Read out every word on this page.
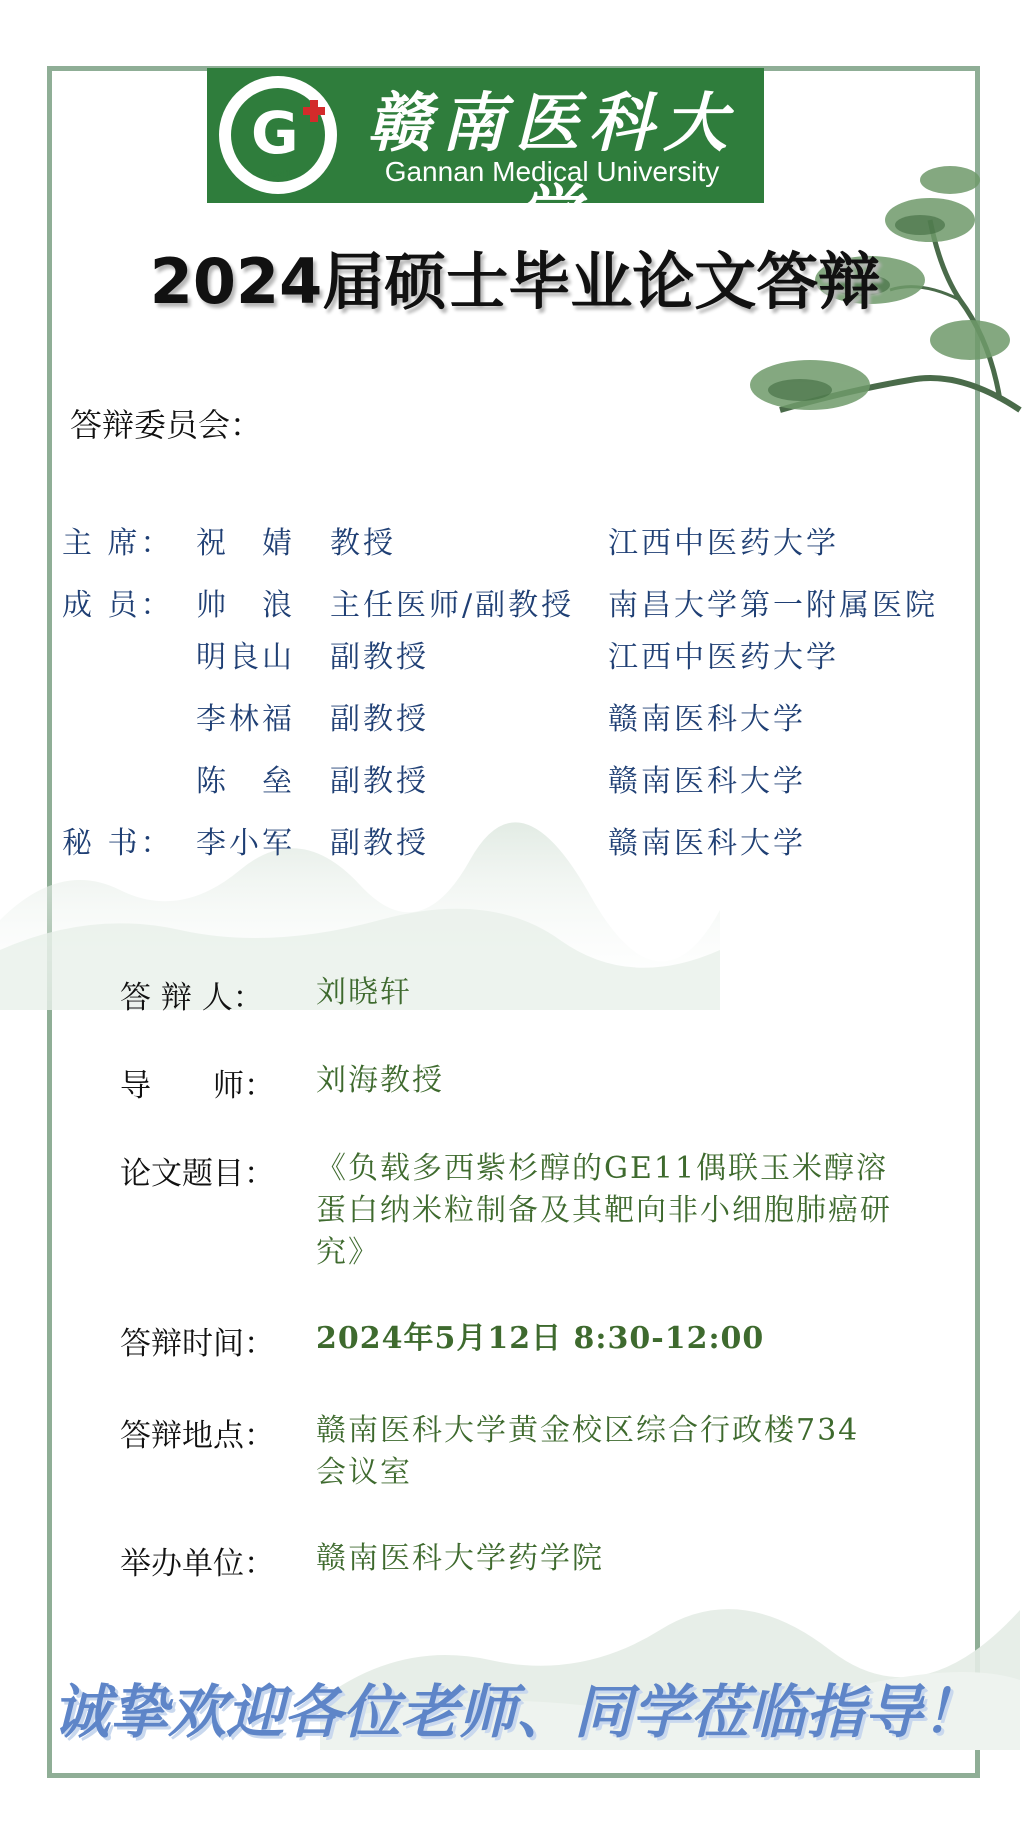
G
1941
赣南医科大学
Gannan Medical University
2024届硕士毕业论文答辩
答辩委员会：
主 席： 祝　婧 教授	江西中医药大学
成 员： 帅　浪 主任医师/副教授 南昌大学第一附属医院
明良山 副教授	江西中医药大学
李林福 副教授	赣南医科大学
陈　垒 副教授	赣南医科大学
秘 书： 李小军 副教授	赣南医科大学
答 辩 人： 刘晓轩
导　　师： 刘海教授
论文题目： 《负载多西紫杉醇的GE11偶联玉米醇溶蛋白纳米粒制备及其靶向非小细胞肺癌研究》
答辩时间： 2024年5月12日 8:30-12:00
答辩地点： 赣南医科大学黄金校区综合行政楼734会议室
举办单位： 赣南医科大学药学院
诚挚欢迎各位老师、同学莅临指导！
